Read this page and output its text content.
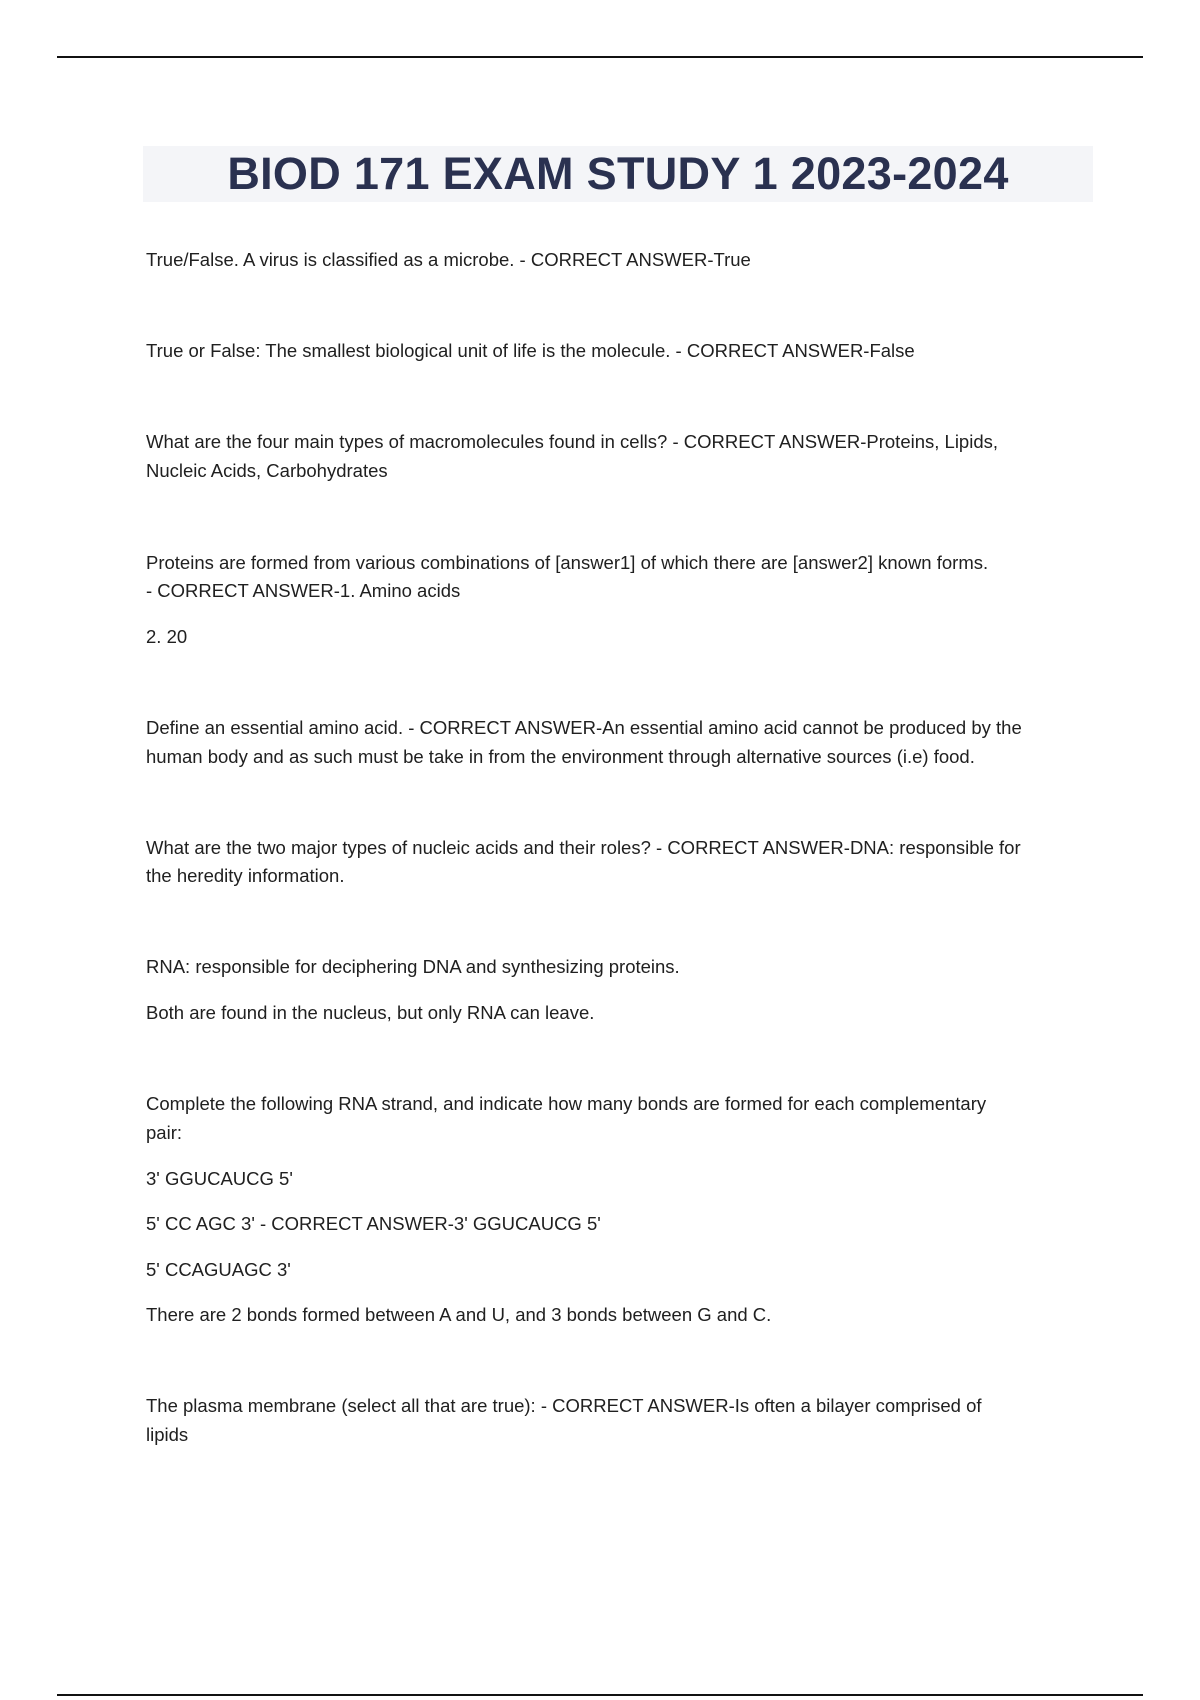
BIOD 171 EXAM STUDY 1 2023-2024
True/False. A virus is classified as a microbe. - CORRECT ANSWER-True
True or False: The smallest biological unit of life is the molecule. - CORRECT ANSWER-False
What are the four main types of macromolecules found in cells? - CORRECT ANSWER-Proteins, Lipids,
Nucleic Acids, Carbohydrates
Proteins are formed from various combinations of [answer1] of which there are [answer2] known forms.
- CORRECT ANSWER-1. Amino acids
2. 20
Define an essential amino acid. - CORRECT ANSWER-An essential amino acid cannot be produced by the
human body and as such must be take in from the environment through alternative sources (i.e) food.
What are the two major types of nucleic acids and their roles? - CORRECT ANSWER-DNA: responsible for
the heredity information.
RNA: responsible for deciphering DNA and synthesizing proteins.
Both are found in the nucleus, but only RNA can leave.
Complete the following RNA strand, and indicate how many bonds are formed for each complementary
pair:
3' GGUCAUCG 5'
5' CC AGC 3' - CORRECT ANSWER-3' GGUCAUCG 5'
5' CCAGUAGC 3'
There are 2 bonds formed between A and U, and 3 bonds between G and C.
The plasma membrane (select all that are true): - CORRECT ANSWER-Is often a bilayer comprised of
lipids
